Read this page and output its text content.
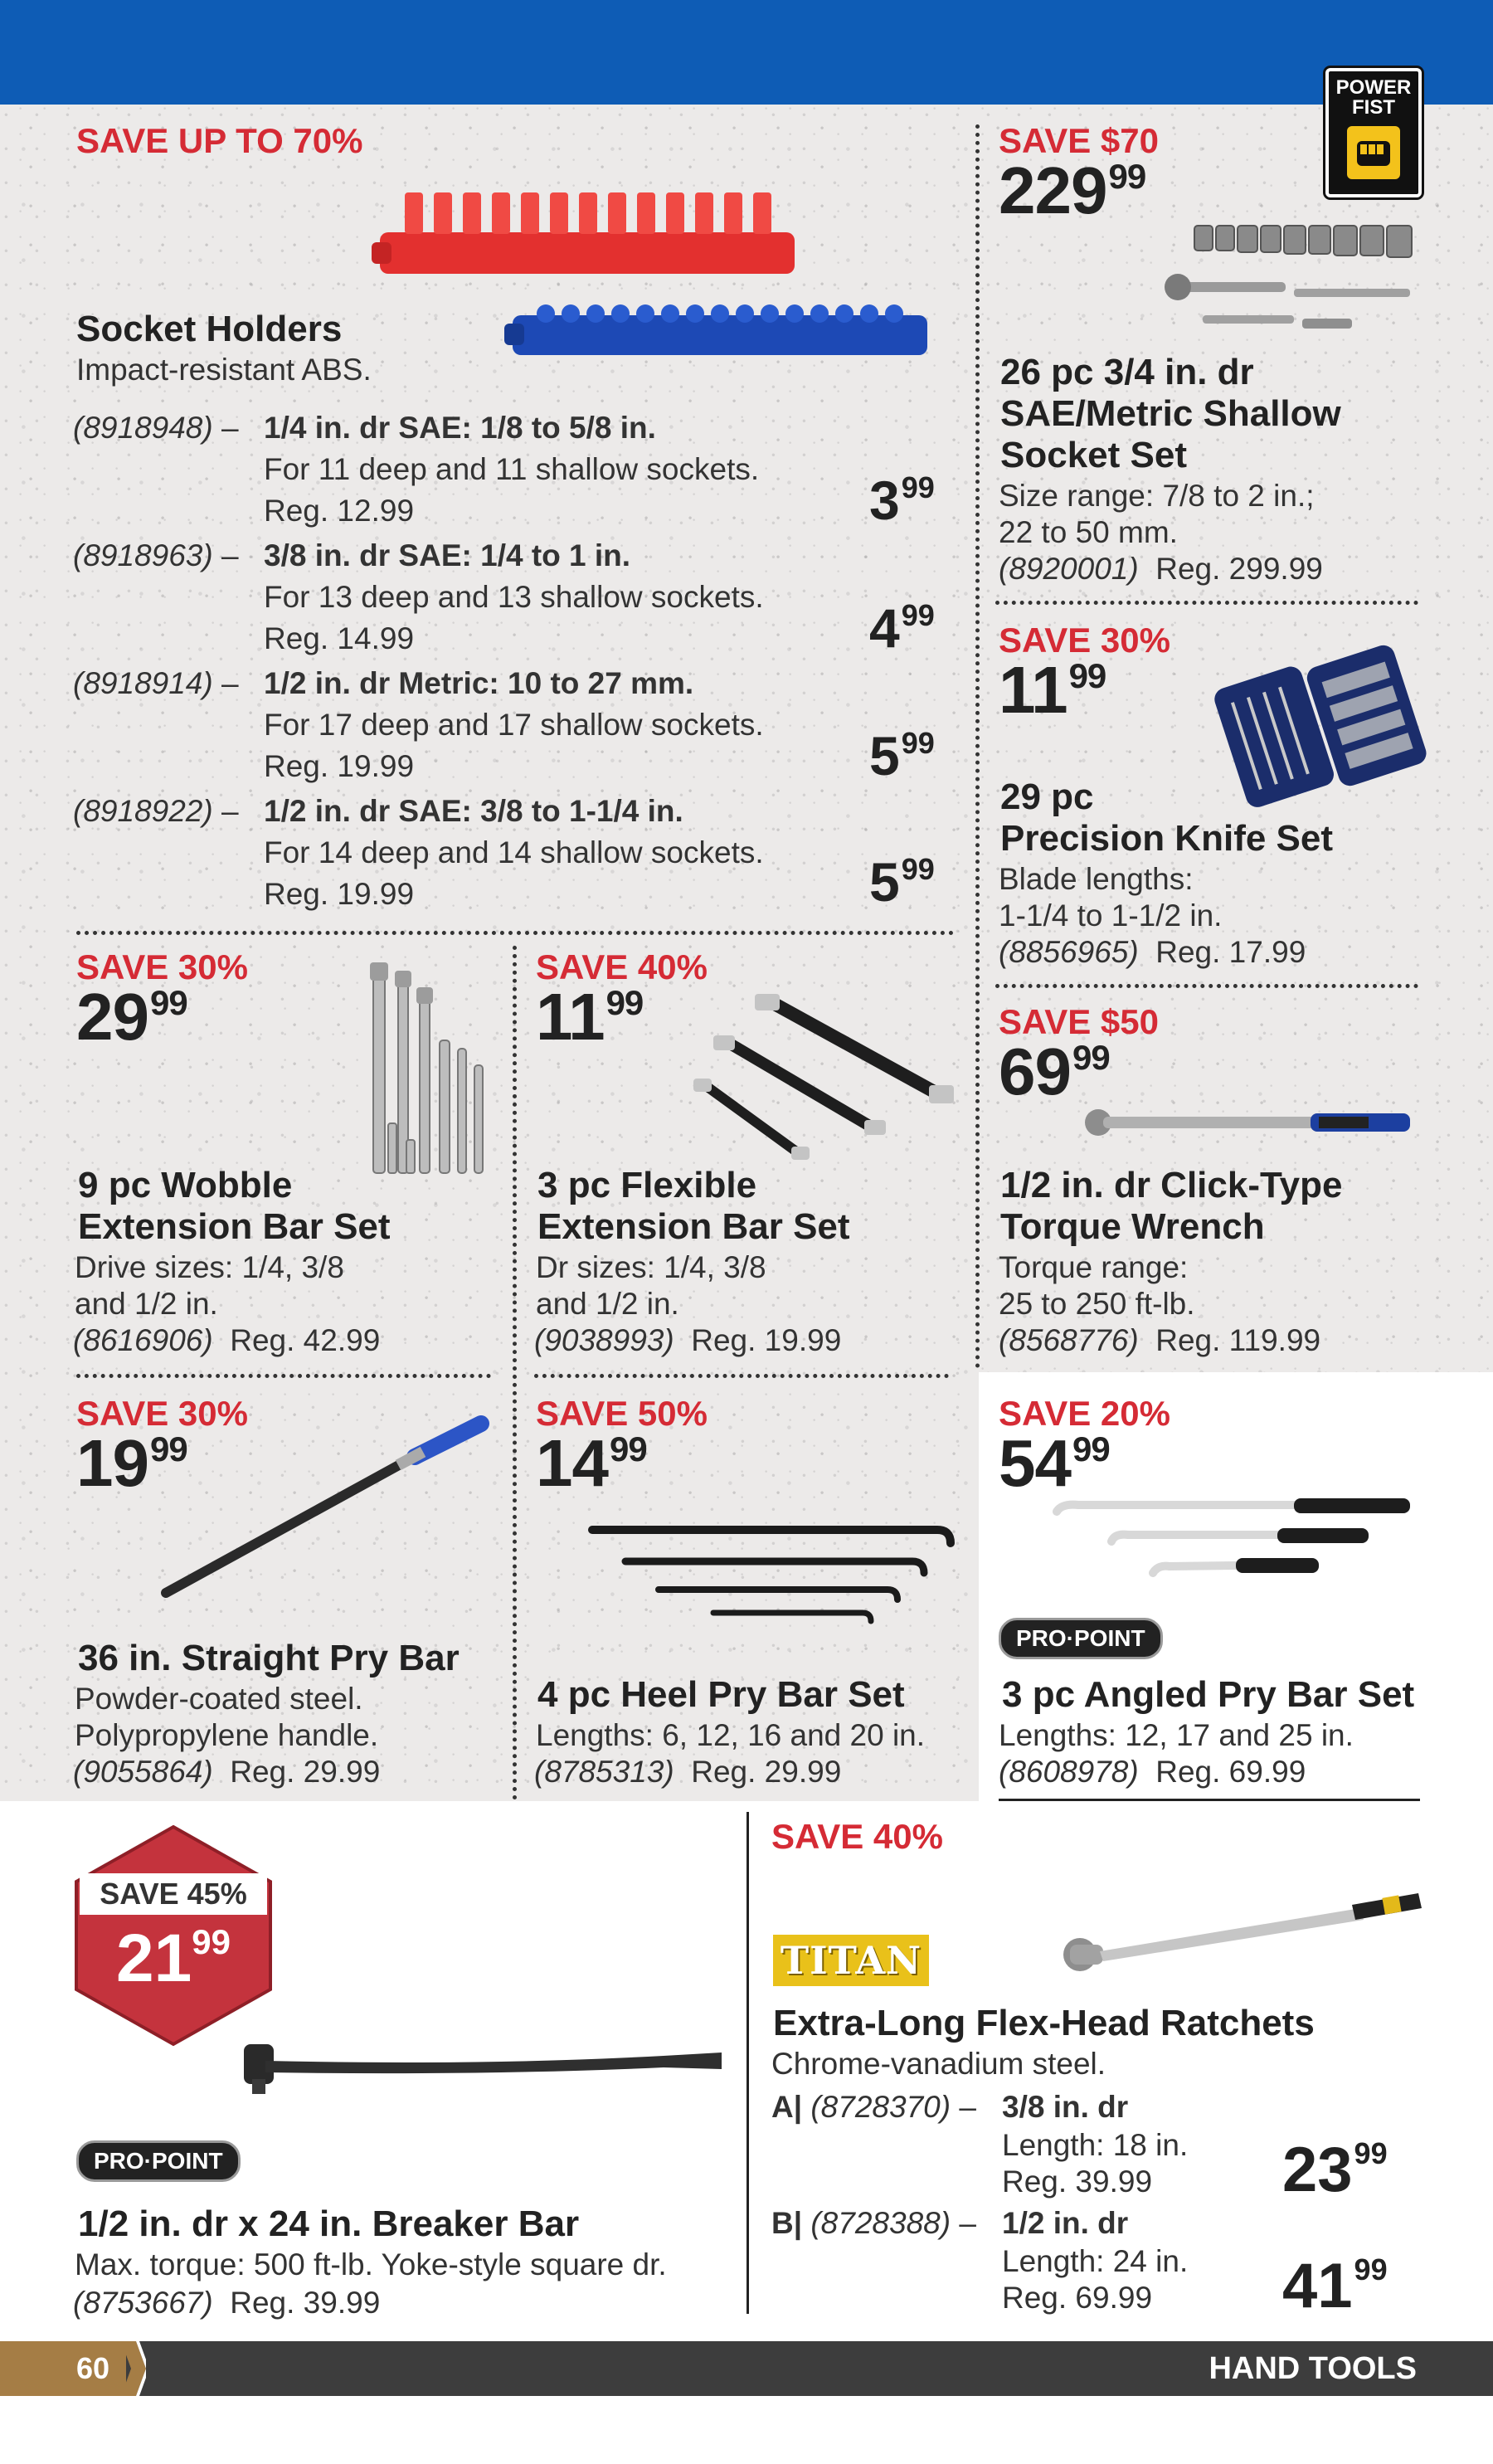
POWER FIST
SAVE UP TO 70%
Socket Holders
Impact-resistant ABS.
(8918948) – 1/4 in. dr SAE: 1/8 to 5/8 in.
For 11 deep and 11 shallow sockets.
Reg. 12.99	$3^{99}$
(8918963) – 3/8 in. dr SAE: 1/4 to 1 in.
For 13 deep and 13 shallow sockets.
Reg. 14.99	$4^{99}$
(8918914) – 1/2 in. dr Metric: 10 to 27 mm.
For 17 deep and 17 shallow sockets.
Reg. 19.99	$5^{99}$
(8918922) – 1/2 in. dr SAE: 3/8 to 1-1/4 in.
For 14 deep and 14 shallow sockets.
Reg. 19.99	$5^{99}$
SAVE $70
$229^{99}$
26 pc 3/4 in. dr
SAE/Metric Shallow
Socket Set
Size range: 7/8 to 2 in.;
22 to 50 mm.
(8920001) Reg. 299.99
SAVE 30%
$11^{99}$
29 pc
Precision Knife Set
Blade lengths:
1-1/4 to 1-1/2 in.
(8856965) Reg. 17.99
SAVE $50
$69^{99}$
1/2 in. dr Click-Type
Torque Wrench
Torque range:
25 to 250 ft-lb.
(8568776) Reg. 119.99
SAVE 30%
$29^{99}$
9 pc Wobble
Extension Bar Set
Drive sizes: 1/4, 3/8
and 1/2 in.
(8616906) Reg. 42.99
SAVE 40%
$11^{99}$
3 pc Flexible
Extension Bar Set
Dr sizes: 1/4, 3/8
and 1/2 in.
(9038993) Reg. 19.99
SAVE 30%
$19^{99}$
36 in. Straight Pry Bar
Powder-coated steel.
Polypropylene handle.
(9055864) Reg. 29.99
SAVE 50%
$14^{99}$
4 pc Heel Pry Bar Set
Lengths: 6, 12, 16 and 20 in.
(8785313) Reg. 29.99
SAVE 20%
$54^{99}$
PRO·POINT
3 pc Angled Pry Bar Set
Lengths: 12, 17 and 25 in.
(8608978) Reg. 69.99
SAVE 45%
$21^{99}$
PRO·POINT
1/2 in. dr x 24 in. Breaker Bar
Max. torque: 500 ft-lb. Yoke-style square dr.
(8753667) Reg. 39.99
SAVE 40%
TITAN
Extra-Long Flex-Head Ratchets
Chrome-vanadium steel.
A| (8728370) – 3/8 in. dr
Length: 18 in.
Reg. 39.99 $23^{99}$
B| (8728388) – 1/2 in. dr
Length: 24 in.
Reg. 69.99 $41^{99}$
60	HAND TOOLS
